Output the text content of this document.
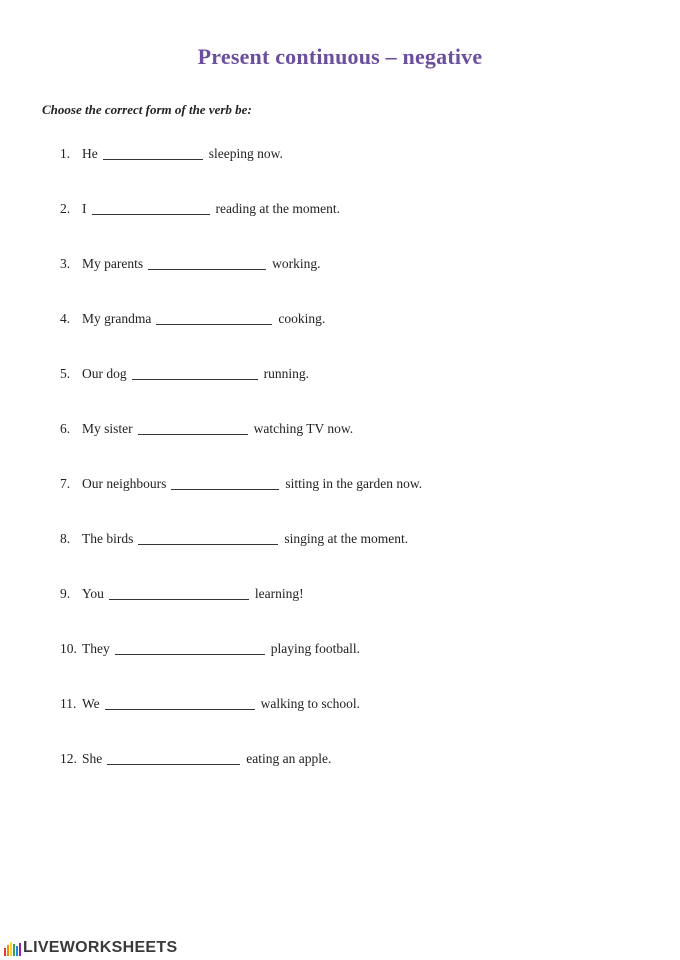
Present continuous – negative
Choose the correct form of the verb be:
1. He	sleeping now.
2. I	reading at the moment.
3. My parents	working.
4. My grandma	cooking.
5. Our dog	running.
6. My sister	watching TV now.
7. Our neighbours	sitting in the garden now.
8. The birds	singing at the moment.
9. You	learning!
10. They	playing football.
11. We	walking to school.
12. She	eating an apple.
LIVEWORKSHEETS
